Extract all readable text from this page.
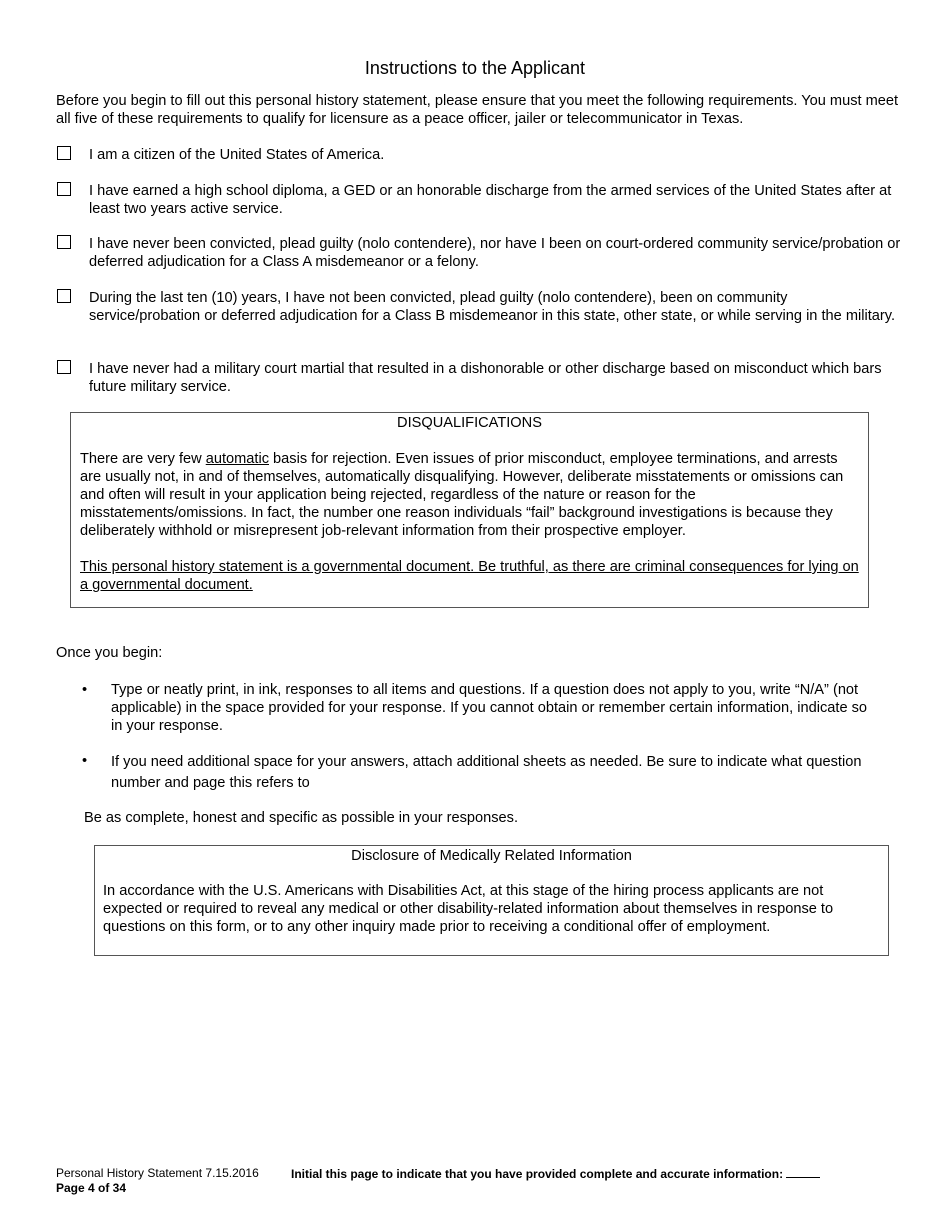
Instructions to the Applicant
Before you begin to fill out this personal history statement, please ensure that you meet the following requirements. You must meet all five of these requirements to qualify for licensure as a peace officer, jailer or telecommunicator in Texas.
I am a citizen of the United States of America.
I have earned a high school diploma, a GED or an honorable discharge from the armed services of the United States after at least two years active service.
I have never been convicted, plead guilty (nolo contendere), nor have I been on court-ordered community service/probation or deferred adjudication for a Class A misdemeanor or a felony.
During the last ten (10) years, I have not been convicted, plead guilty (nolo contendere), been on community service/probation or deferred adjudication for a Class B misdemeanor in this state, other state, or while serving in the military.
I have never had a military court martial that resulted in a dishonorable or other discharge based on misconduct which bars future military service.
DISQUALIFICATIONS
There are very few automatic basis for rejection. Even issues of prior misconduct, employee terminations, and arrests are usually not, in and of themselves, automatically disqualifying. However, deliberate misstatements or omissions can and often will result in your application being rejected, regardless of the nature or reason for the misstatements/omissions. In fact, the number one reason individuals “fail” background investigations is because they deliberately withhold or misrepresent job-relevant information from their prospective employer.
This personal history statement is a governmental document. Be truthful, as there are criminal consequences for lying on a governmental document.
Once you begin:
•	Type or neatly print, in ink, responses to all items and questions. If a question does not apply to you, write “N/A” (not applicable) in the space provided for your response. If you cannot obtain or remember certain information, indicate so in your response.
•	If you need additional space for your answers, attach additional sheets as needed. Be sure to indicate what question number and page this refers to
Be as complete, honest and specific as possible in your responses.
Disclosure of Medically Related Information
In accordance with the U.S. Americans with Disabilities Act, at this stage of the hiring process applicants are not expected or required to reveal any medical or other disability-related information about themselves in response to questions on this form, or to any other inquiry made prior to receiving a conditional offer of employment.
Personal History Statement 7.15.2016
Page 4 of 34
Initial this page to indicate that you have provided complete and accurate information:
